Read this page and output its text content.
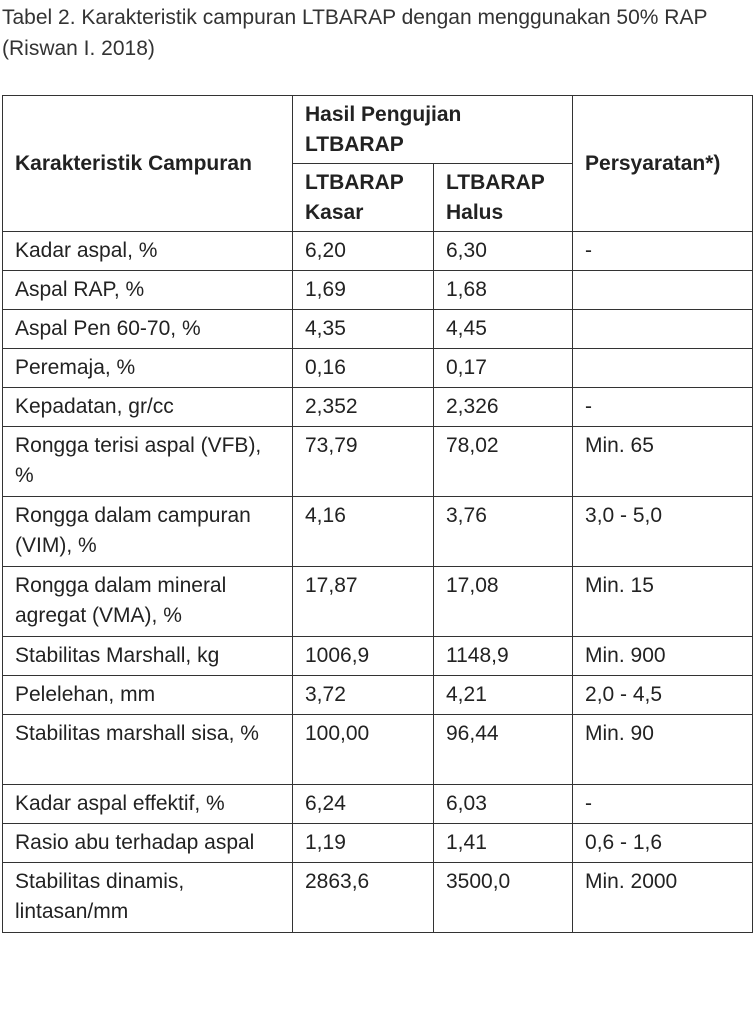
Tabel 2. Karakteristik campuran LTBARAP dengan menggunakan 50% RAP (Riswan I. 2018)
Karakteristik Campuran	Hasil Pengujian LTBARAP		Persyaratan*)
	LTBARAP Kasar	LTBARAP Halus	
Kadar aspal, %	6,20	6,30	-
Aspal RAP, %	1,69	1,68	
Aspal Pen 60-70, %	4,35	4,45	
Peremaja, %	0,16	0,17	
Kepadatan, gr/cc	2,352	2,326	-
Rongga terisi aspal (VFB), %	73,79	78,02	Min. 65
Rongga dalam campuran (VIM), %	4,16	3,76	3,0 - 5,0
Rongga dalam mineral agregat (VMA), %	17,87	17,08	Min. 15
Stabilitas Marshall, kg	1006,9	1148,9	Min. 900
Pelelehan, mm	3,72	4,21	2,0 - 4,5
Stabilitas marshall sisa, %	100,00	96,44	Min. 90
Kadar aspal effektif, %	6,24	6,03	-
Rasio abu terhadap aspal	1,19	1,41	0,6 - 1,6
Stabilitas dinamis, lintasan/mm	2863,6	3500,0	Min. 2000
